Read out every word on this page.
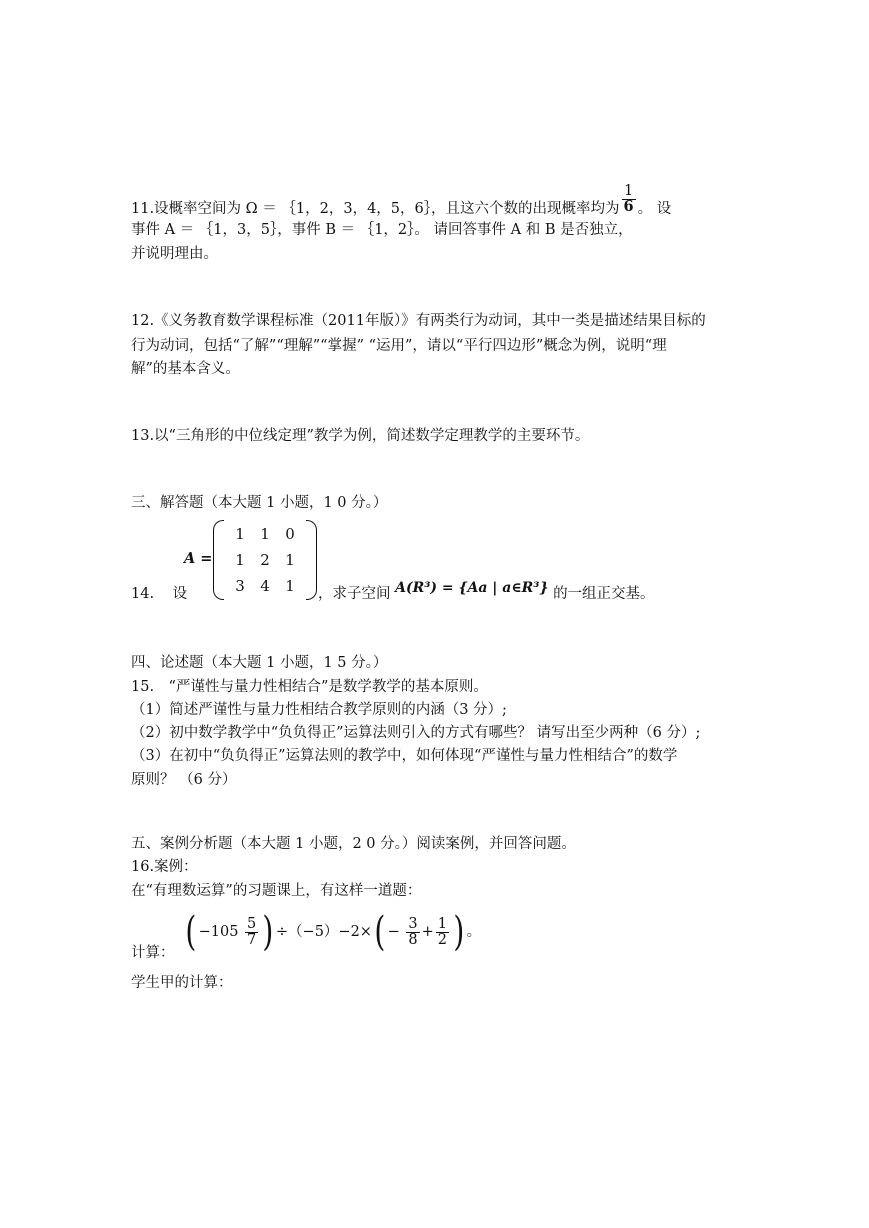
11.设概率空间为 Ω ＝ ｛1，2，3，4，5，6｝，且这六个数的出现概率均为 $\frac{1}{6}$ 。 设
事件 A ＝ ｛1，3，5｝，事件 B ＝ ｛1，2｝。 请回答事件 A 和 B 是否独立，
并说明理由。
12.《义务教育数学课程标准（2011年版）》有两类行为动词，其中一类是描述结果目标的
行为动词，包括“了解”“理解”“掌握” “运用”，请以“平行四边形”概念为例，说明“理
解”的基本含义。
13.以“三角形的中位线定理”教学为例，简述数学定理教学的主要环节。
三、解答题（本大题 1 小题，1 0 分。）
A =
1	1	0
1	2	1
3	4	1
14. 设	，求子空间 A(R³) = {Aa | a∈R³} 的一组正交基。
四、论述题（本大题 1 小题，1 5 分。）
15.　“严谨性与量力性相结合”是数学教学的基本原则。
（1）简述严谨性与量力性相结合教学原则的内涵（3 分）;
（2）初中数学教学中“负负得正”运算法则引入的方式有哪些？ 请写出至少两种（6 分）;
（3）在初中“负负得正”运算法则的教学中，如何体现“严谨性与量力性相结合”的数学
原则？ （6 分）
五、案例分析题（本大题 1 小题，2 0 分。）阅读案例，并回答问题。
16.案例：
在“有理数运算”的习题课上，有这样一道题：
( $-105 \frac{5}{7}$ ) $\div(-5)-2\times( - \frac{3}{8} + \frac{1}{2}$ ) 。
计算：
学生甲的计算：
